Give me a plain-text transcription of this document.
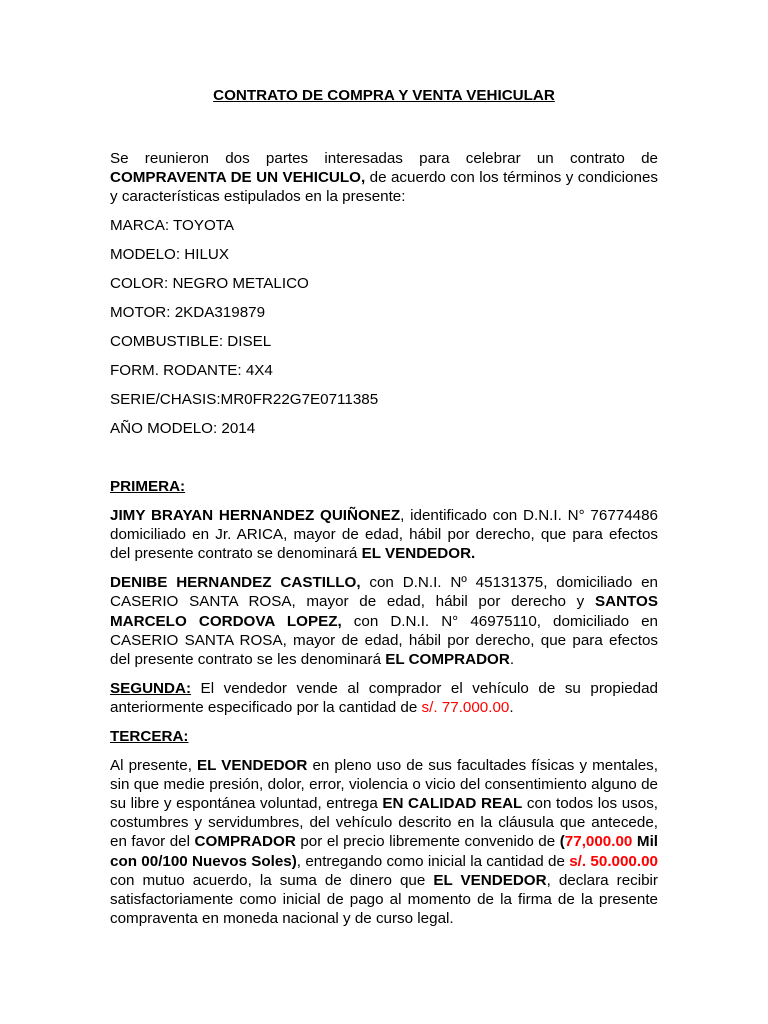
CONTRATO DE COMPRA Y VENTA VEHICULAR

Se reunieron dos partes interesadas para celebrar un contrato de COMPRAVENTA DE UN VEHICULO, de acuerdo con los términos y condiciones y características estipulados en la presente:

MARCA: TOYOTA

MODELO: HILUX

COLOR: NEGRO METALICO

MOTOR: 2KDA319879

COMBUSTIBLE: DISEL

FORM. RODANTE: 4X4

SERIE/CHASIS:MR0FR22G7E0711385

AÑO MODELO: 2014

PRIMERA:

JIMY BRAYAN HERNANDEZ QUIÑONEZ, identificado con D.N.I. N° 76774486 domiciliado en Jr. ARICA, mayor de edad, hábil por derecho, que para efectos del presente contrato se denominará EL VENDEDOR.

DENIBE HERNANDEZ CASTILLO, con D.N.I. Nº 45131375, domiciliado en CASERIO SANTA ROSA, mayor de edad, hábil por derecho y SANTOS MARCELO CORDOVA LOPEZ, con D.N.I. N° 46975110, domiciliado en CASERIO SANTA ROSA, mayor de edad, hábil por derecho, que para efectos del presente contrato se les denominará EL COMPRADOR.

SEGUNDA: El vendedor vende al comprador el vehículo de su propiedad anteriormente especificado por la cantidad de s/. 77.000.00.

TERCERA:

Al presente, EL VENDEDOR en pleno uso de sus facultades físicas y mentales, sin que medie presión, dolor, error, violencia o vicio del consentimiento alguno de su libre y espontánea voluntad, entrega EN CALIDAD REAL con todos los usos, costumbres y servidumbres, del vehículo descrito en la cláusula que antecede, en favor del COMPRADOR por el precio libremente convenido de (77,000.00 Mil con 00/100 Nuevos Soles), entregando como inicial la cantidad de s/. 50.000.00 con mutuo acuerdo, la suma de dinero que EL VENDEDOR, declara recibir satisfactoriamente como inicial de pago al momento de la firma de la presente compraventa en moneda nacional y de curso legal.
